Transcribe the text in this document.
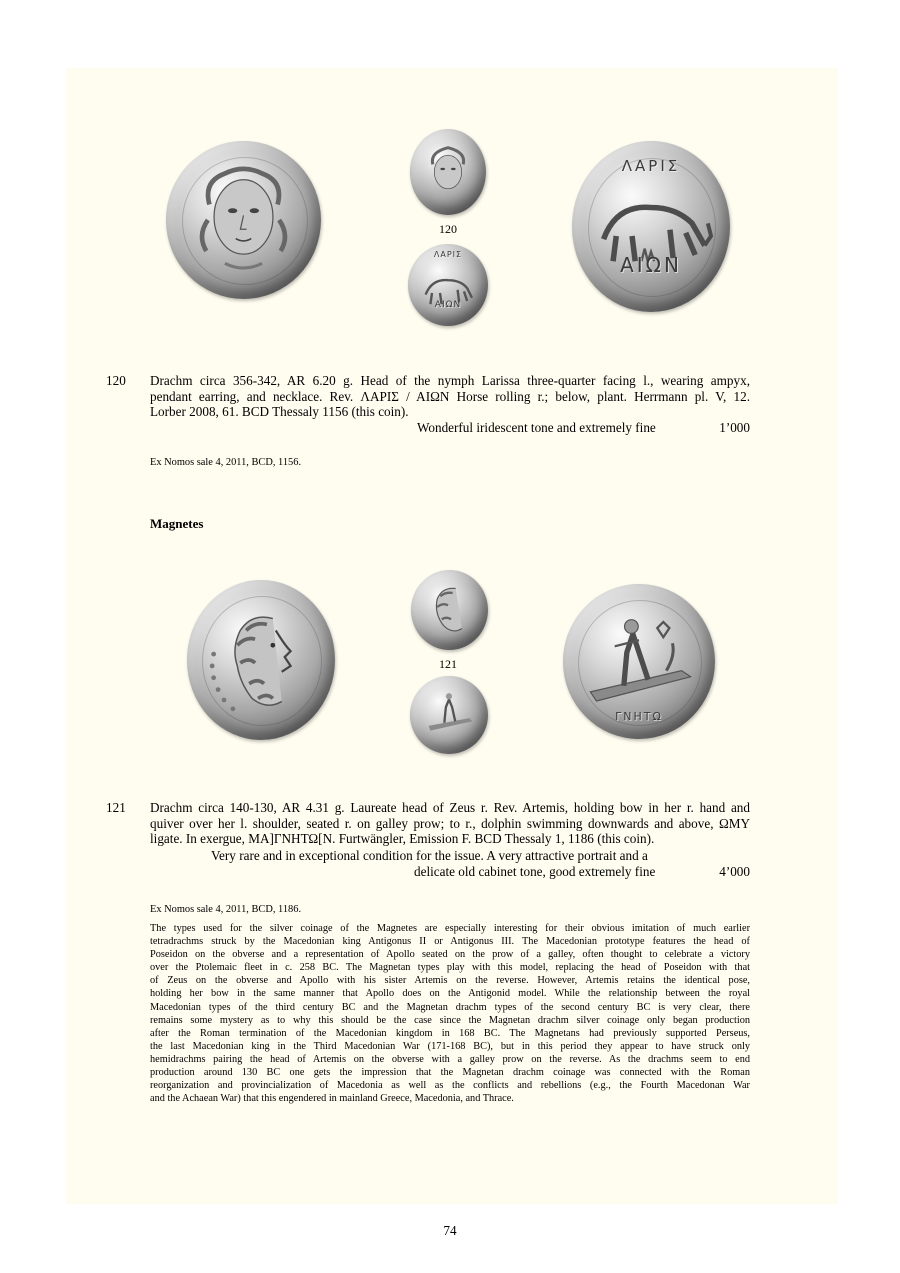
120
ΛΑΡΙΣ
ΑΙΩΝ
ΛΑΡΙΣ
ΑΙΩΝ
120 Drachm circa 356-342, AR 6.20 g. Head of the nymph Larissa three-quarter facing l., wearing ampyx,
pendant earring, and necklace. Rev. ΛΑΡΙΣ / ΑΙΩΝ Horse rolling r.; below, plant. Herrmann pl. V, 12.
Lorber 2008, 61. BCD Thessaly 1156 (this coin).
Wonderful iridescent tone and extremely fine	1’000
Ex Nomos sale 4, 2011, BCD, 1156.
Magnetes
121
ΓΝΗΤΩ
121 Drachm circa 140-130, AR 4.31 g. Laureate head of Zeus r. Rev. Artemis, holding bow in her r. hand and
quiver over her l. shoulder, seated r. on galley prow; to r., dolphin swimming downwards and above, ΩΜΥ
ligate. In exergue, ΜΑ]ΓΝΗΤΩ[Ν. Furtwängler, Emission F. BCD Thessaly 1, 1186 (this coin).
Very rare and in exceptional condition for the issue. A very attractive portrait and a
delicate old cabinet tone, good extremely fine	4’000
Ex Nomos sale 4, 2011, BCD, 1186.
The types used for the silver coinage of the Magnetes are especially interesting for their obvious imitation of much earlier
tetradrachms struck by the Macedonian king Antigonus II or Antigonus III. The Macedonian prototype features the head of
Poseidon on the obverse and a representation of Apollo seated on the prow of a galley, often thought to celebrate a victory
over the Ptolemaic fleet in c. 258 BC. The Magnetan types play with this model, replacing the head of Poseidon with that
of Zeus on the obverse and Apollo with his sister Artemis on the reverse. However, Artemis retains the identical pose,
holding her bow in the same manner that Apollo does on the Antigonid model. While the relationship between the royal
Macedonian types of the third century BC and the Magnetan drachm types of the second century BC is very clear, there
remains some mystery as to why this should be the case since the Magnetan drachm silver coinage only began production
after the Roman termination of the Macedonian kingdom in 168 BC. The Magnetans had previously supported Perseus,
the last Macedonian king in the Third Macedonian War (171-168 BC), but in this period they appear to have struck only
hemidrachms pairing the head of Artemis on the obverse with a galley prow on the reverse. As the drachms seem to end
production around 130 BC one gets the impression that the Magnetan drachm coinage was connected with the Roman
reorganization and provincialization of Macedonia as well as the conflicts and rebellions (e.g., the Fourth Macedonan War
and the Achaean War) that this engendered in mainland Greece, Macedonia, and Thrace.
74
